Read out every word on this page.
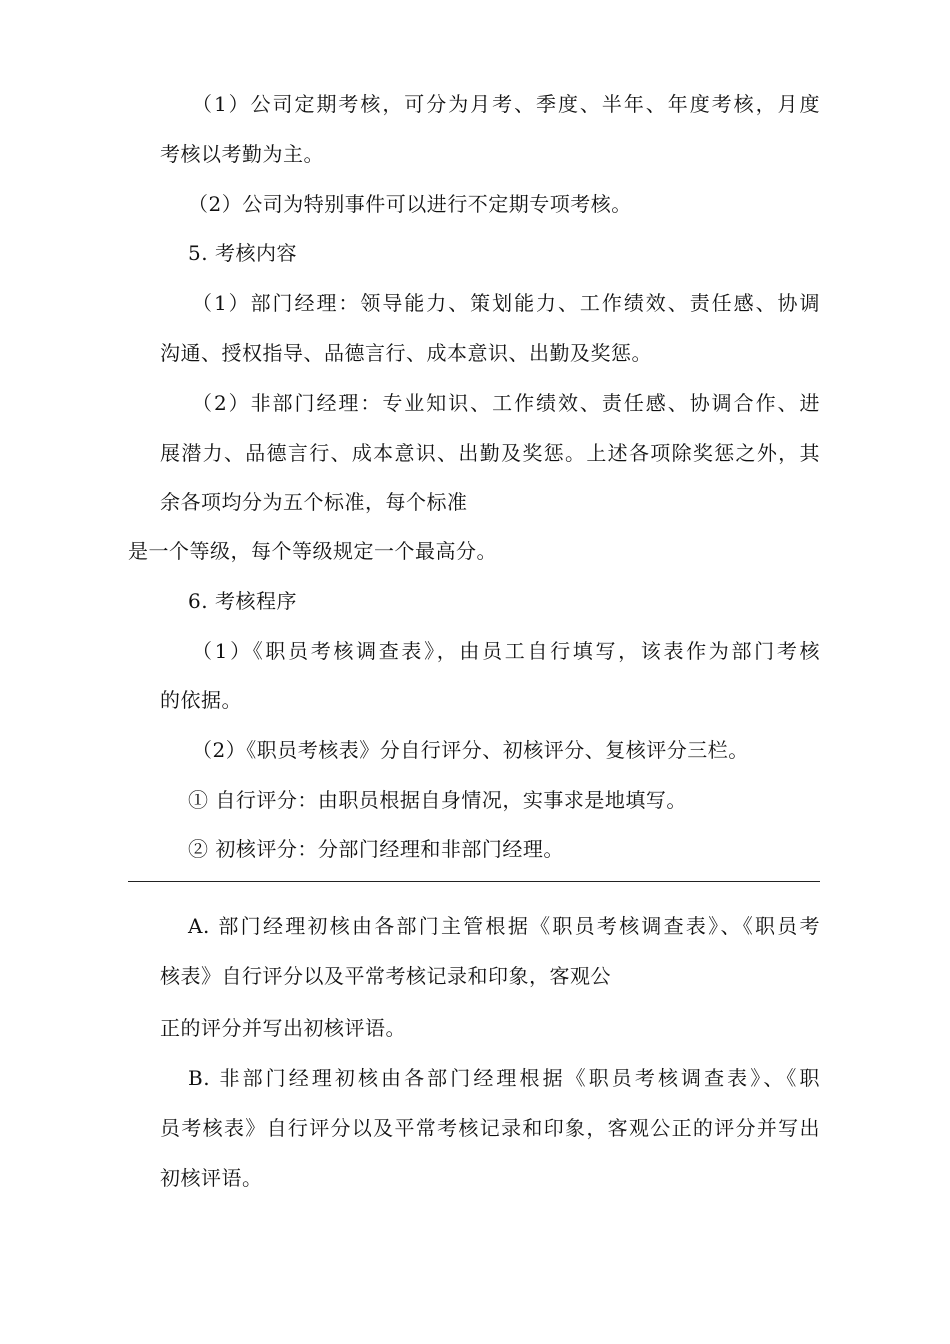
（1）公司定期考核，可分为月考、季度、半年、年度考核，月度
考核以考勤为主。
（2）公司为特别事件可以进行不定期专项考核。
5. 考核内容
（1）部门经理：领导能力、策划能力、工作绩效、责任感、协调
沟通、授权指导、品德言行、成本意识、出勤及奖惩。
（2）非部门经理：专业知识、工作绩效、责任感、协调合作、进
展潜力、品德言行、成本意识、出勤及奖惩。上述各项除奖惩之外，其
余各项均分为五个标准，每个标准
是一个等级，每个等级规定一个最高分。
6. 考核程序
（1）《职员考核调查表》，由员工自行填写，该表作为部门考核
的依据。
（2）《职员考核表》分自行评分、初核评分、复核评分三栏。
① 自行评分：由职员根据自身情况，实事求是地填写。
② 初核评分：分部门经理和非部门经理。
A. 部门经理初核由各部门主管根据《职员考核调查表》、《职员考
核表》自行评分以及平常考核记录和印象，客观公
正的评分并写出初核评语。
B. 非部门经理初核由各部门经理根据《职员考核调查表》、《职
员考核表》自行评分以及平常考核记录和印象，客观公正的评分并写出
初核评语。
